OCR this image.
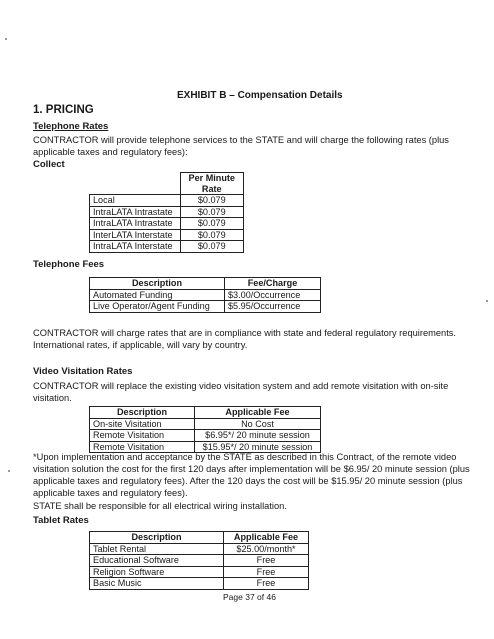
EXHIBIT B – Compensation Details
1. PRICING
Telephone Rates
CONTRACTOR will provide telephone services to the STATE and will charge the following rates (plus applicable taxes and regulatory fees):
Collect
	Per Minute Rate
Local	$0.079
IntraLATA Intrastate	$0.079
IntraLATA Intrastate	$0.079
InterLATA Interstate	$0.079
IntraLATA Interstate	$0.079
Telephone Fees
Description	Fee/Charge
Automated Funding	$3.00/Occurrence
Live Operator/Agent Funding	$5.95/Occurrence
CONTRACTOR will charge rates that are in compliance with state and federal regulatory requirements. International rates, if applicable, will vary by country.
Video Visitation Rates
CONTRACTOR will replace the existing video visitation system and add remote visitation with on-site visitation.
Description	Applicable Fee
On-site Visitation	No Cost
Remote Visitation	$6.95*/ 20 minute session
Remote Visitation	$15.95*/ 20 minute session
*Upon implementation and acceptance by the STATE as described in this Contract, of the remote video visitation solution the cost for the first 120 days after implementation will be $6.95/ 20 minute session (plus applicable taxes and regulatory fees). After the 120 days the cost will be $15.95/ 20 minute session (plus applicable taxes and regulatory fees).
STATE shall be responsible for all electrical wiring installation.
Tablet Rates
Description	Applicable Fee
Tablet Rental	$25.00/month*
Educational Software	Free
Religion Software	Free
Basic Music	Free
Page 37 of 46
